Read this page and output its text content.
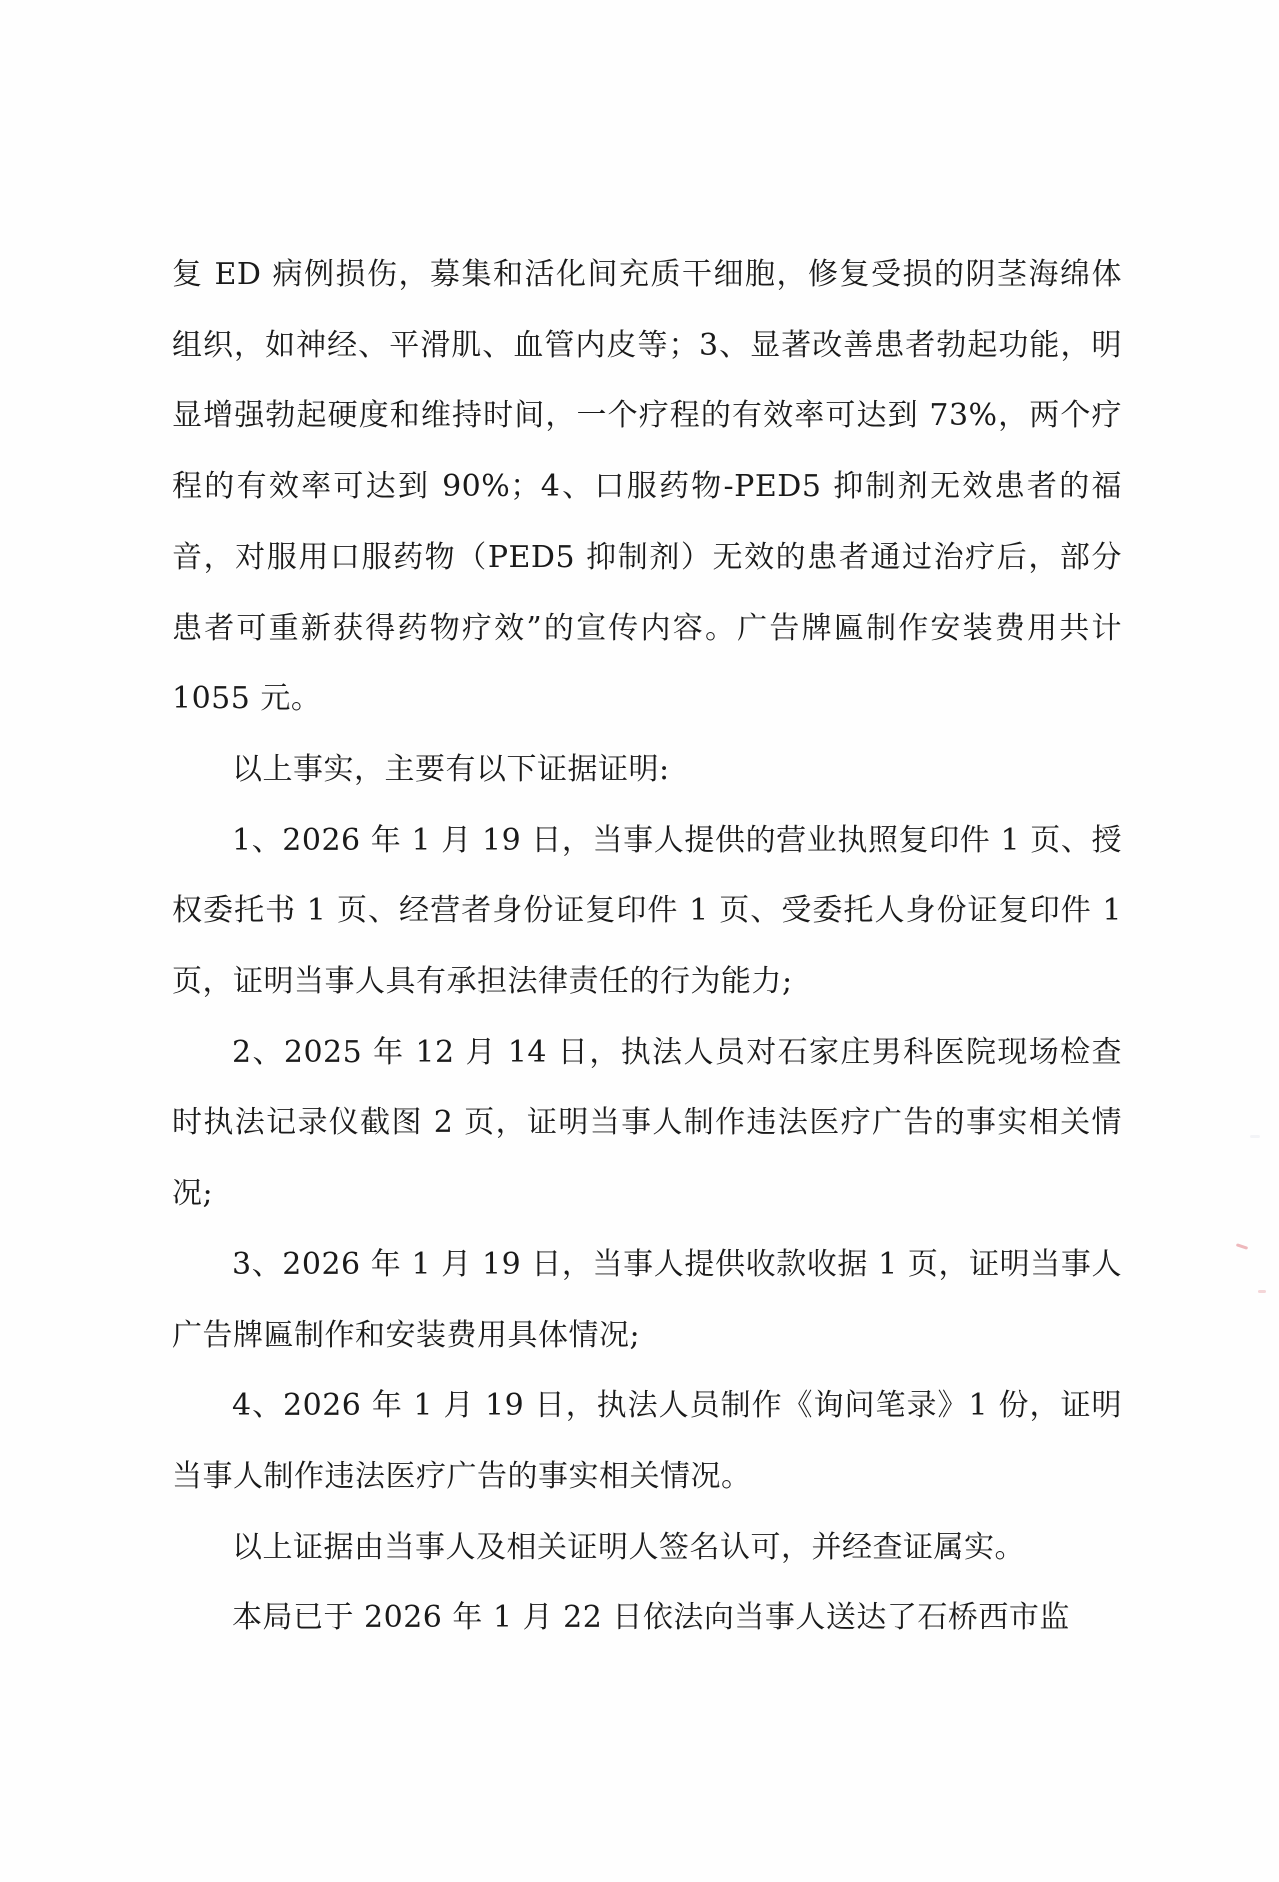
复 ED 病例损伤，募集和活化间充质干细胞，修复受损的阴茎海绵体组织，如神经、平滑肌、血管内皮等；3、显著改善患者勃起功能，明显增强勃起硬度和维持时间，一个疗程的有效率可达到 73%，两个疗程的有效率可达到 90%；4、口服药物-PED5 抑制剂无效患者的福音，对服用口服药物（PED5 抑制剂）无效的患者通过治疗后，部分患者可重新获得药物疗效”的宣传内容。广告牌匾制作安装费用共计 1055 元。

以上事实，主要有以下证据证明:

1、2026 年 1 月 19 日，当事人提供的营业执照复印件 1 页、授权委托书 1 页、经营者身份证复印件 1 页、受委托人身份证复印件 1 页，证明当事人具有承担法律责任的行为能力;

2、2025 年 12 月 14 日，执法人员对石家庄男科医院现场检查时执法记录仪截图 2 页，证明当事人制作违法医疗广告的事实相关情况;

3、2026 年 1 月 19 日，当事人提供收款收据 1 页，证明当事人广告牌匾制作和安装费用具体情况;

4、2026 年 1 月 19 日，执法人员制作《询问笔录》1 份，证明当事人制作违法医疗广告的事实相关情况。

以上证据由当事人及相关证明人签名认可，并经查证属实。

本局已于 2026 年 1 月 22 日依法向当事人送达了石桥西市监
